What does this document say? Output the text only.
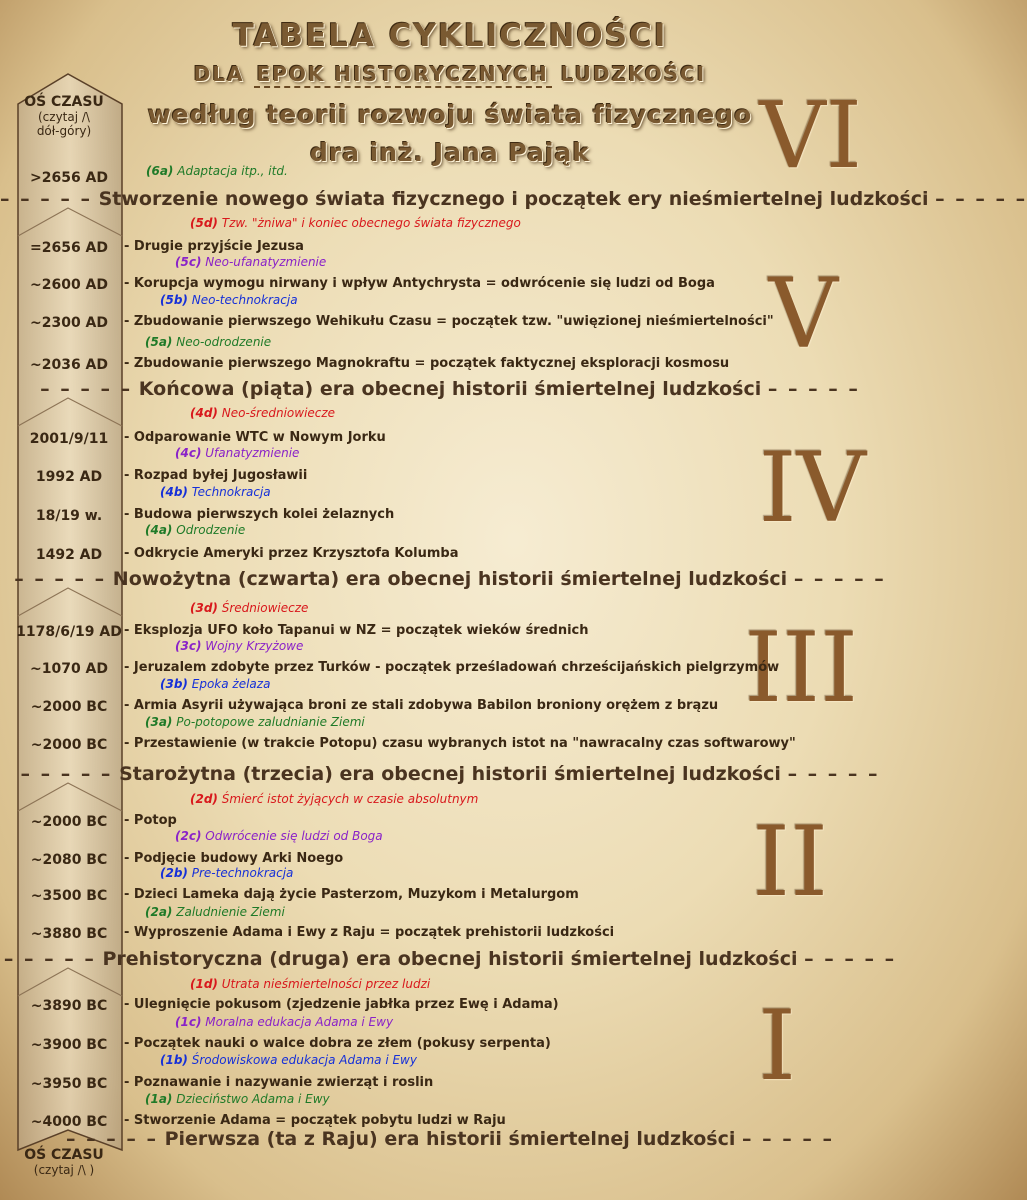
TABELA CYKLICZNOŚCI
DLA EPOK HISTORYCZNYCH LUDZKOŚCI
według teorii rozwoju świata fizycznego
dra inż. Jana Pająk	VI
V
IV
III
II
I
OŚ CZASU
(czytaj /\
dół-góry)
OŚ CZASU
(czytaj /\ )
– – – – – Stworzenie nowego świata fizycznego i początek ery nieśmiertelnej ludzkości – – – – –
– – – – – Końcowa (piąta) era obecnej historii śmiertelnej ludzkości – – – – –
– – – – – Nowożytna (czwarta) era obecnej historii śmiertelnej ludzkości – – – – –
– – – – – Starożytna (trzecia) era obecnej historii śmiertelnej ludzkości – – – – –
– – – – – Prehistoryczna (druga) era obecnej historii śmiertelnej ludzkości – – – – –
– – – – – Pierwsza (ta z Raju) era historii śmiertelnej ludzkości – – – – –
>2656 AD	(6a) Adaptacja itp., itd.
=2656 AD
(5d) Tzw. "żniwa" i koniec obecnego świata fizycznego
- Drugie przyjście Jezusa
~2600 AD
(5c) Neo-ufanatyzmienie
- Korupcja wymogu nirwany i wpływ Antychrysta = odwrócenie się ludzi od Boga
~2300 AD
(5b) Neo-technokracja
- Zbudowanie pierwszego Wehikułu Czasu = początek tzw. "uwięzionej nieśmiertelności"
~2036 AD
(5a) Neo-odrodzenie
- Zbudowanie pierwszego Magnokraftu = początek faktycznej eksploracji kosmosu
2001/9/11
(4d) Neo-średniowiecze
- Odparowanie WTC w Nowym Jorku
1992 AD
(4c) Ufanatyzmienie
- Rozpad byłej Jugosławii
18/19 w.
(4b) Technokracja
- Budowa pierwszych kolei żelaznych
1492 AD
(4a) Odrodzenie
- Odkrycie Ameryki przez Krzysztofa Kolumba
1178/6/19 AD
(3d) Średniowiecze
- Eksplozja UFO koło Tapanui w NZ = początek wieków średnich
~1070 AD
(3c) Wojny Krzyżowe
- Jeruzalem zdobyte przez Turków - początek prześladowań chrześcijańskich pielgrzymów
~2000 BC
(3b) Epoka żelaza
- Armia Asyrii używająca broni ze stali zdobywa Babilon broniony orężem z brązu
~2000 BC
(3a) Po-potopowe zaludnianie Ziemi
- Przestawienie (w trakcie Potopu) czasu wybranych istot na "nawracalny czas softwarowy"
~2000 BC
(2d) Śmierć istot żyjących w czasie absolutnym
- Potop
~2080 BC
(2c) Odwrócenie się ludzi od Boga
- Podjęcie budowy Arki Noego
~3500 BC
(2b) Pre-technokracja
- Dzieci Lameka dają życie Pasterzom, Muzykom i Metalurgom
~3880 BC
(2a) Zaludnienie Ziemi
- Wyproszenie Adama i Ewy z Raju = początek prehistorii ludzkości
~3890 BC
(1d) Utrata nieśmiertelności przez ludzi
- Ulegnięcie pokusom (zjedzenie jabłka przez Ewę i Adama)
~3900 BC
(1c) Moralna edukacja Adama i Ewy
- Początek nauki o walce dobra ze złem (pokusy serpenta)
~3950 BC
(1b) Środowiskowa edukacja Adama i Ewy
- Poznawanie i nazywanie zwierząt i roslin
~4000 BC
(1a) Dzieciństwo Adama i Ewy
- Stworzenie Adama = początek pobytu ludzi w Raju
